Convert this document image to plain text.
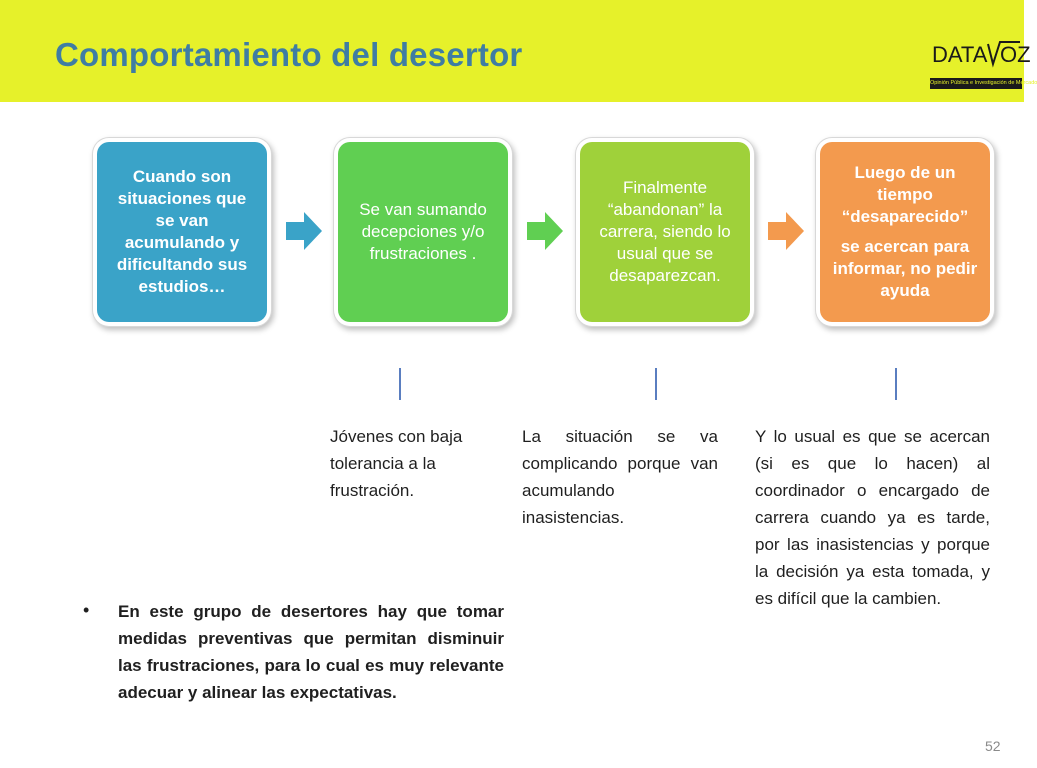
Comportamiento del desertor	DATA OZ
Opinión Pública e Investigación de Mercado

Cuando son situaciones que se van acumulando y dificultando sus estudios…

Se van sumando decepciones y/o frustraciones .

Finalmente “abandonan” la carrera, siendo lo usual que se desaparezcan.

Luego de un tiempo “desaparecido”

se acercan para informar, no pedir ayuda

Jóvenes con baja tolerancia a la frustración.

La situación se va complicando porque van acumulando inasistencias.

Y lo usual es que se acercan (si es que lo hacen) al coordinador o encargado de carrera cuando ya es tarde, por las inasistencias y porque la decisión ya esta tomada, y es difícil que la cambien.

• En este grupo de desertores hay que tomar medidas preventivas que permitan disminuir las frustraciones, para lo cual es muy relevante adecuar y alinear las expectativas.

52
